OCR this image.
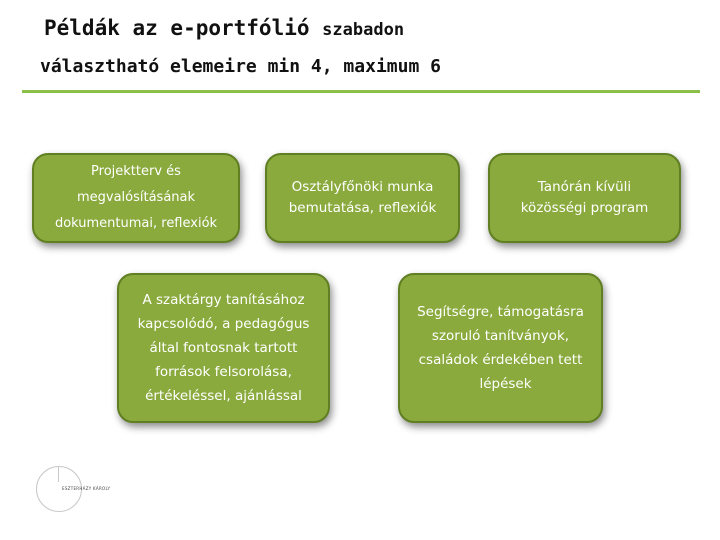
Példák az e-portfólió szabadon
választható elemeire min 4, maximum 6
Projektterv és
megvalósításának
dokumentumai, reflexiók
Osztályfőnöki munka
bemutatása, reflexiók
Tanórán kívüli
közösségi program
A szaktárgy tanításához
kapcsolódó, a pedagógus
által fontosnak tartott
források felsorolása,
értékeléssel, ajánlással
Segítségre, támogatásra
szoruló tanítványok,
családok érdekében tett
lépések
ESZTERHÁZY KÁROLY
